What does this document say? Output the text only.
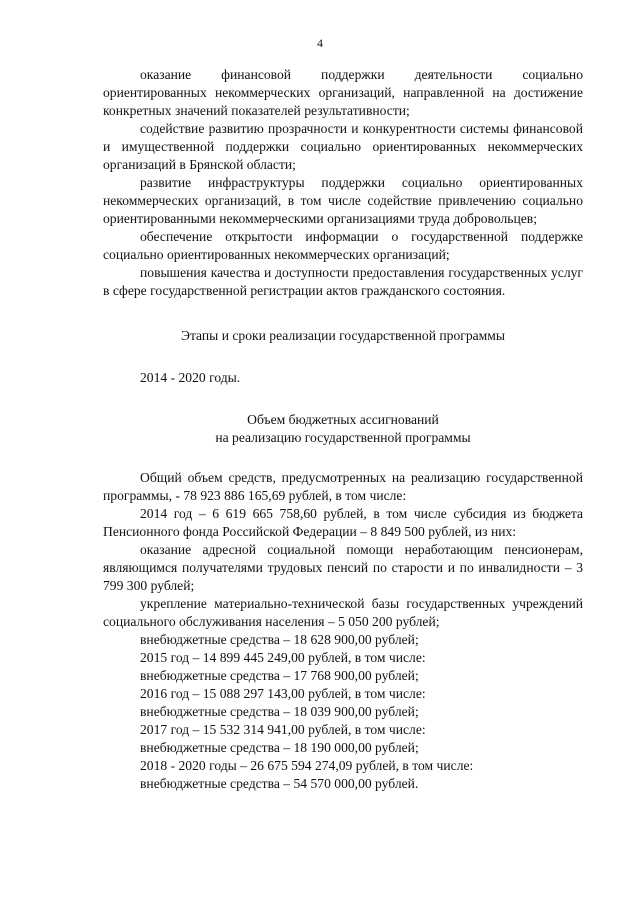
4

оказание финансовой поддержки деятельности социально ориентированных некоммерческих организаций, направленной на достижение конкретных значений показателей результативности;

содействие развитию прозрачности и конкурентности системы финансовой и имущественной поддержки социально ориентированных некоммерческих организаций в Брянской области;

развитие инфраструктуры поддержки социально ориентированных некоммерческих организаций, в том числе содействие привлечению социально ориентированными некоммерческими организациями труда добровольцев;

обеспечение открытости информации о государственной поддержке социально ориентированных некоммерческих организаций;

повышения качества и доступности предоставления государственных услуг в сфере государственной регистрации актов гражданского состояния.

Этапы и сроки реализации государственной программы

2014 - 2020 годы.

Объем бюджетных ассигнований

на реализацию государственной программы

Общий объем средств, предусмотренных на реализацию государственной программы, - 78 923 886 165,69 рублей, в том числе:

2014 год – 6 619 665 758,60 рублей, в том числе субсидия из бюджета Пенсионного фонда Российской Федерации – 8 849 500 рублей, из них:

оказание адресной социальной помощи неработающим пенсионерам, являющимся получателями трудовых пенсий по старости и по инвалидности – 3 799 300 рублей;

укрепление материально-технической базы государственных учреждений социального обслуживания населения – 5 050 200 рублей;

внебюджетные средства – 18 628 900,00 рублей;

2015 год – 14 899 445 249,00 рублей, в том числе:

внебюджетные средства – 17 768 900,00 рублей;

2016 год – 15 088 297 143,00 рублей, в том числе:

внебюджетные средства – 18 039 900,00 рублей;

2017 год – 15 532 314 941,00 рублей, в том числе:

внебюджетные средства – 18 190 000,00 рублей;

2018 - 2020 годы – 26 675 594 274,09 рублей, в том числе:

внебюджетные средства – 54 570 000,00 рублей.
